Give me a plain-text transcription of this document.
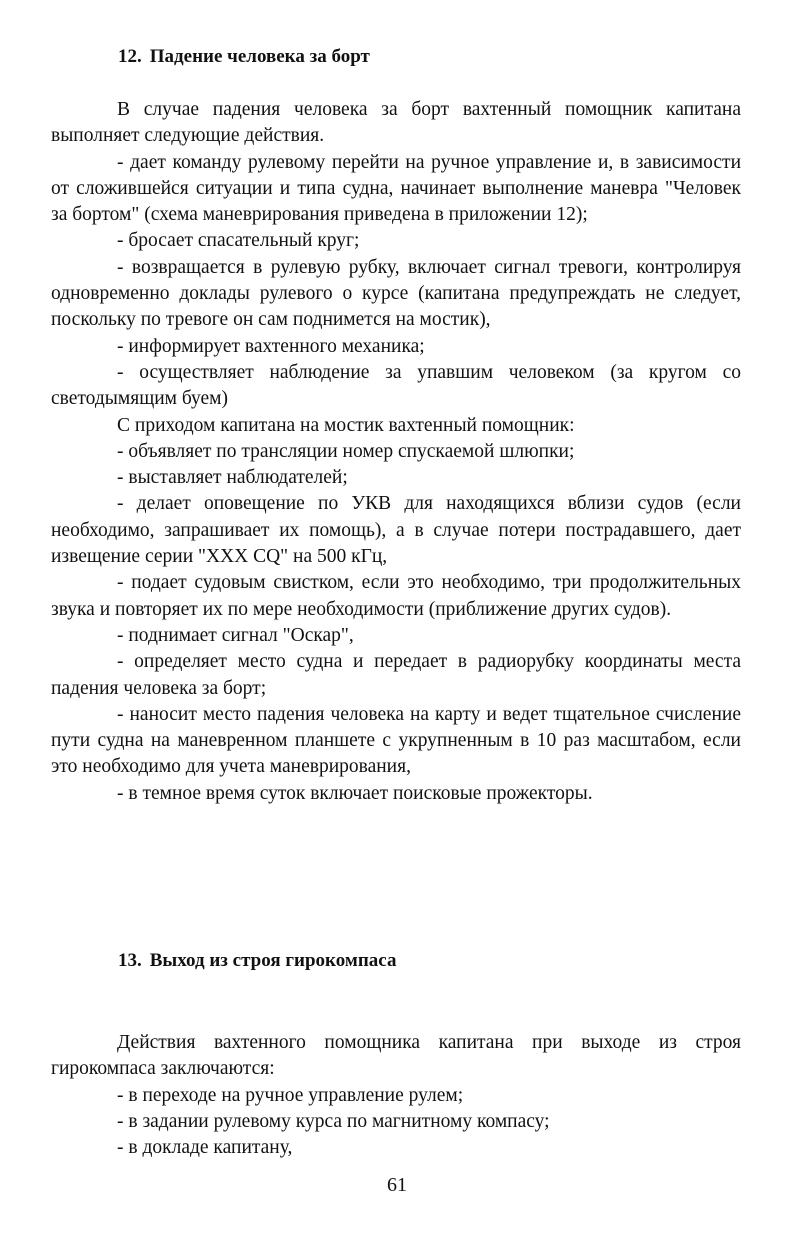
12. Падение человека за борт

В случае падения человека за борт вахтенный помощник капитана выполняет следующие действия.

- дает команду рулевому перейти на ручное управление и, в зависимости от сложившейся ситуации и типа судна, начинает выполнение маневра "Человек за бортом" (схема маневрирования приведена в приложении 12);

- бросает спасательный круг;

- возвращается в рулевую рубку, включает сигнал тревоги, контролируя одновременно доклады рулевого о курсе (капитана предупреждать не следует, поскольку по тревоге он сам поднимется на мостик),

- информирует вахтенного механика;

- осуществляет наблюдение за упавшим человеком (за кругом со светодымящим буем)

С приходом капитана на мостик вахтенный помощник:

- объявляет по трансляции номер спускаемой шлюпки;

- выставляет наблюдателей;

- делает оповещение по УКВ для находящихся вблизи судов (если необходимо, запрашивает их помощь), а в случае потери пострадавшего, дает извещение серии "XXX CQ" на 500 кГц,

- подает судовым свистком, если это необходимо, три продолжительных звука и повторяет их по мере необходимости (приближение других судов).

- поднимает сигнал "Оскар",

- определяет место судна и передает в радиорубку координаты места падения человека за борт;

- наносит место падения человека на карту и ведет тщательное счисление пути судна на маневренном планшете с укрупненным в 10 раз масштабом, если это необходимо для учета маневрирования,

- в темное время суток включает поисковые прожекторы.

13. Выход из строя гирокомпаса

Действия вахтенного помощника капитана при выходе из строя гирокомпаса заключаются:

- в переходе на ручное управление рулем;

- в задании рулевому курса по магнитному компасу;

- в докладе капитану,

61
